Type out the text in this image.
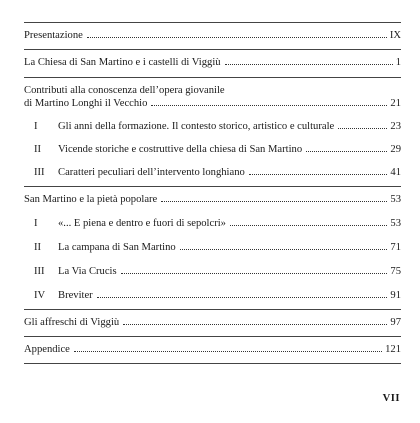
Presentazione	IX
La Chiesa di San Martino e i castelli di Viggiù	1
Contributi alla conoscenza dell’opera giovanile
di Martino Longhi il Vecchio	21
I	Gli anni della formazione. Il contesto storico, artistico e culturale	23
II	Vicende storiche e costruttive della chiesa di San Martino	29
III	Caratteri peculiari dell’intervento longhiano	41
San Martino e la pietà popolare	53
I	«... E piena e dentro e fuori di sepolcri»	53
II	La campana di San Martino	71
III	La Via Crucis	75
IV	Breviter	91
Gli affreschi di Viggiù	97
Appendice	121
VII
